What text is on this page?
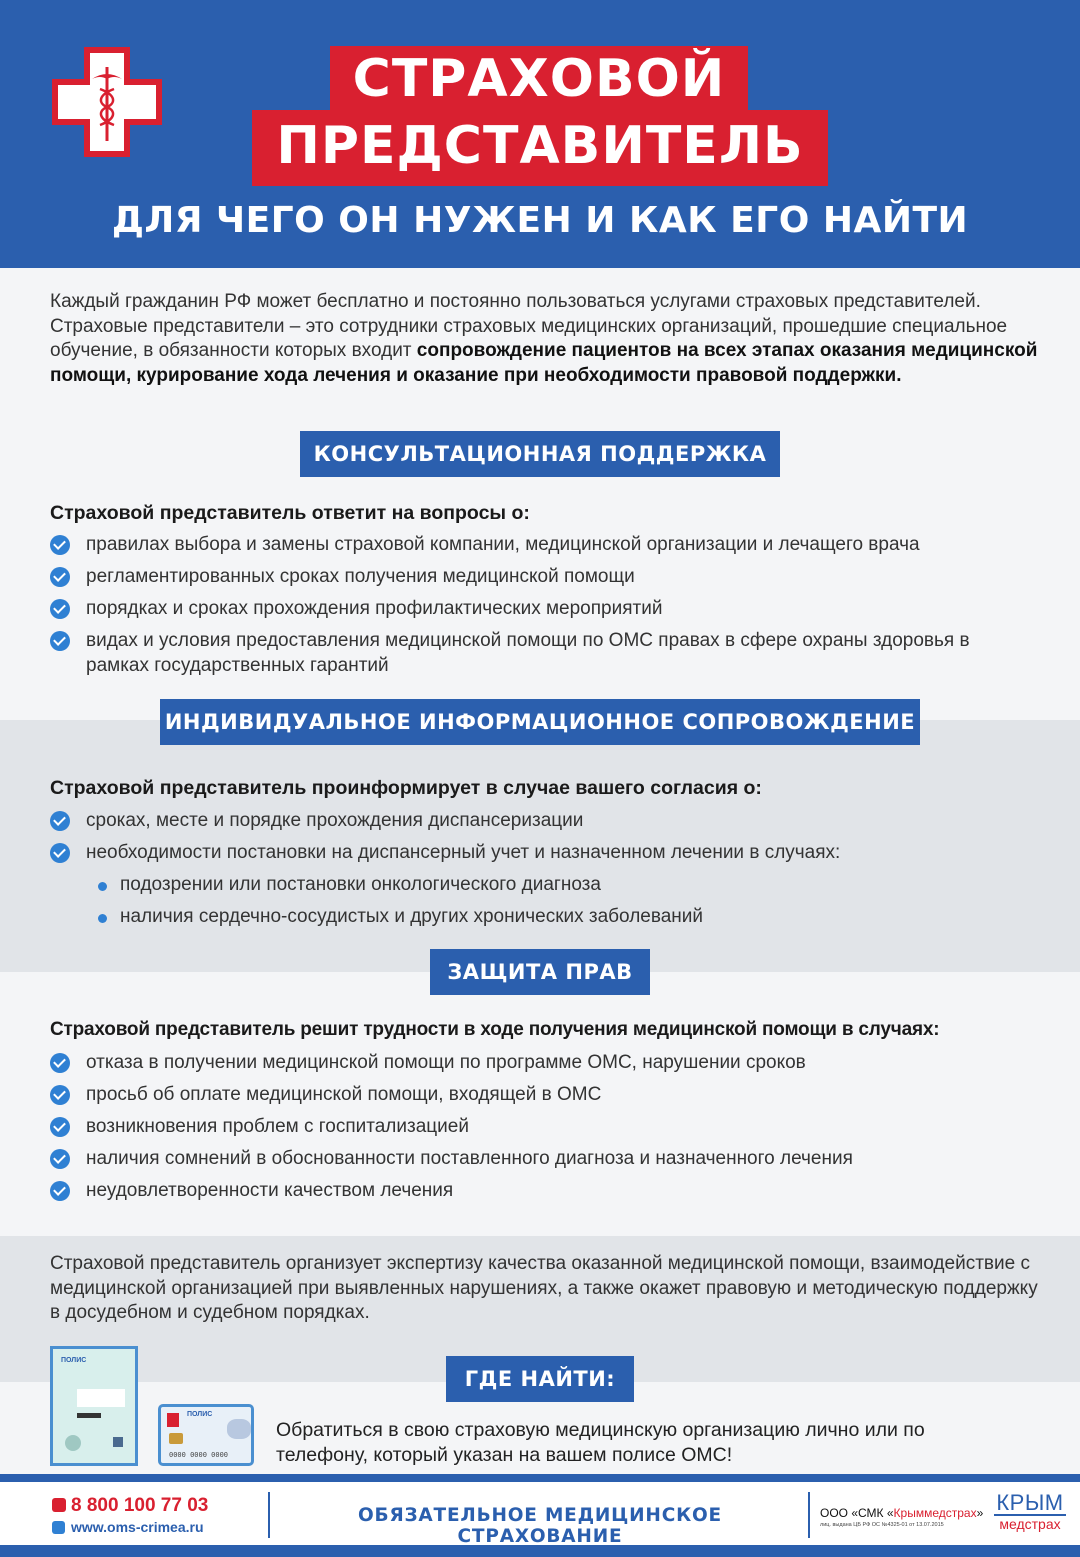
СТРАХОВОЙ
ПРЕДСТАВИТЕЛЬ
ДЛЯ ЧЕГО ОН НУЖЕН И КАК ЕГО НАЙТИ
Каждый гражданин РФ может бесплатно и постоянно пользоваться услугами страховых представителей. Страховые представители – это сотрудники страховых медицинских организаций, прошедшие специальное обучение, в обязанности которых входит сопровождение пациентов на всех этапах оказания медицинской помощи, курирование хода лечения и оказание при необходимости правовой поддержки.
КОНСУЛЬТАЦИОННАЯ ПОДДЕРЖКА
Страховой представитель ответит на вопросы о:
правилах выбора и замены страховой компании, медицинской организации и лечащего врача
регламентированных сроках получения медицинской помощи
порядках и сроках прохождения профилактических мероприятий
видах и условия предоставления медицинской помощи по ОМС правах в сфере охраны здоровья в рамках государственных гарантий
ИНДИВИДУАЛЬНОЕ ИНФОРМАЦИОННОЕ СОПРОВОЖДЕНИЕ
Страховой представитель проинформирует в случае вашего согласия о:
сроках, месте и порядке прохождения диспансеризации
необходимости постановки на диспансерный учет и назначенном лечении в случаях:
подозрении или постановки онкологического диагноза
наличия сердечно-сосудистых и других хронических заболеваний
ЗАЩИТА ПРАВ
Страховой представитель решит трудности в ходе получения медицинской помощи в случаях:
отказа в получении медицинской помощи по программе ОМС, нарушении сроков
просьб об оплате медицинской помощи, входящей в ОМС
возникновения проблем с госпитализацией
наличия сомнений в обоснованности поставленного диагноза и назначенного лечения
неудовлетворенности качеством лечения
Страховой представитель организует экспертизу качества оказанной медицинской помощи, взаимодействие с медицинской организацией при выявленных нарушениях, а также окажет правовую и методическую поддержку в досудебном и судебном порядках.
ГДЕ НАЙТИ:
ПОЛИС
ПОЛИС
0000 0000 0000
Обратиться в свою страховую медицинскую организацию лично или по телефону, который указан на вашем полисе ОМС!
8 800 100 77 03
www.oms-crimea.ru
ОБЯЗАТЕЛЬНОЕ МЕДИЦИНСКОЕ СТРАХОВАНИЕ
ООО «СМК «Крыммедстрах»
лиц. выдана ЦБ РФ ОС №4325-01 от 13.07.2015
КРЫМ
медстрах
